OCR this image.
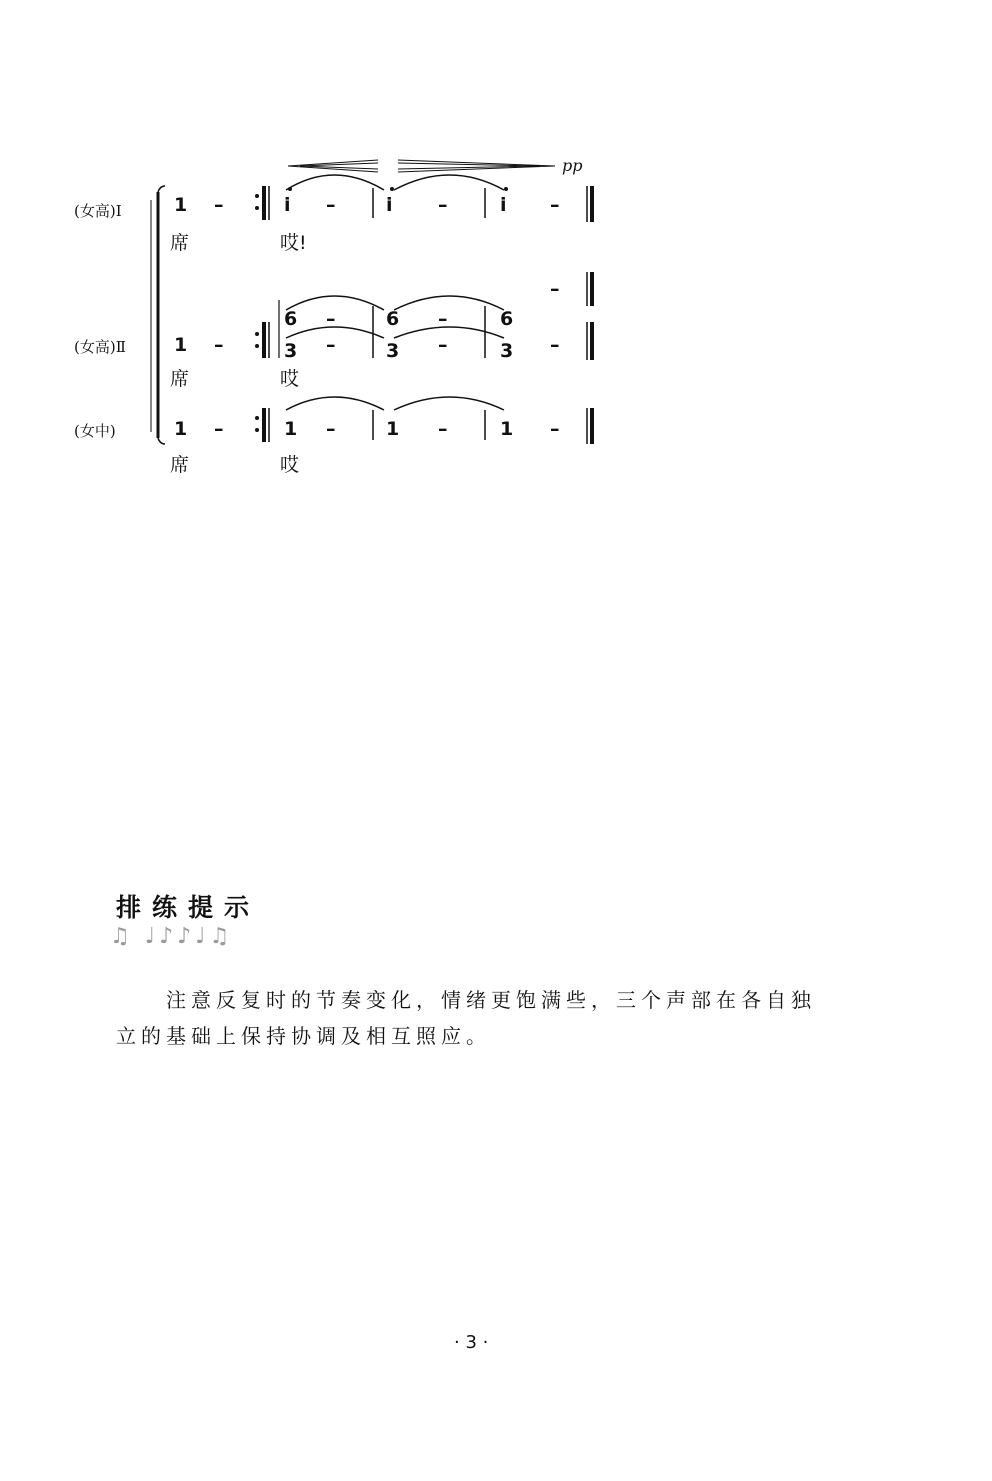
pp
(女高)Ⅰ	1 –	i –	i –	i –
席	哎!
(女高)Ⅱ
–
6 –	6 –	6
1 –	3 –	3 –	3 –
席	哎
(女中)	1 –	1 –	1 –	1 –
席	哎
排练提示
♫ ♩♪♪♩♫
注意反复时的节奏变化，情绪更饱满些，三个声部在各自独立的基础上保持协调及相互照应。
· 3 ·
